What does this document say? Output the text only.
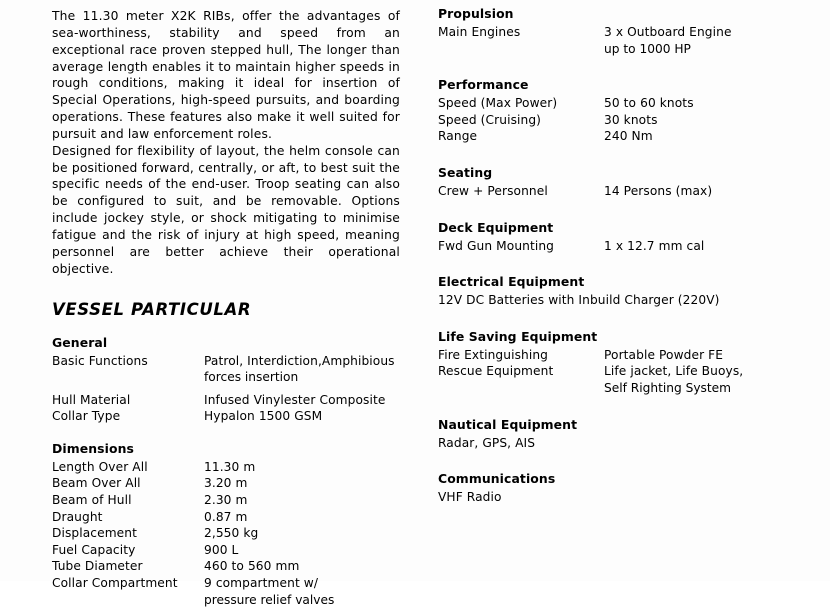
The 11.30 meter X2K RIBs, offer the advantages of sea-worthiness, stability and speed from an exceptional race proven stepped hull, The longer than average length enables it to maintain higher speeds in rough conditions, making it ideal for insertion of Special Operations, high-speed pursuits, and boarding operations. These features also make it well suited for pursuit and law enforcement roles.

Designed for flexibility of layout, the helm console can be positioned forward, centrally, or aft, to best suit the specific needs of the end-user. Troop seating can also be configured to suit, and be removable. Options include jockey style, or shock mitigating to minimise fatigue and the risk of injury at high speed, meaning personnel are better achieve their operational objective.

VESSEL PARTICULAR
General
Basic Functions	Patrol, Interdiction,Amphibious
forces insertion
Hull Material	Infused Vinylester Composite
Collar Type	Hypalon 1500 GSM
Dimensions
Length Over All	11.30 m
Beam Over All	3.20 m
Beam of Hull	2.30 m
Draught	0.87 m
Displacement	2,550 kg
Fuel Capacity	900 L
Tube Diameter	460 to 560 mm
Collar Compartment	9 compartment w/
pressure relief valves
Propulsion
Main Engines	3 x Outboard Engine
up to 1000 HP
Performance
Speed (Max Power)	50 to 60 knots
Speed (Cruising)	30 knots
Range	240 Nm
Seating
Crew + Personnel	14 Persons (max)
Deck Equipment
Fwd Gun Mounting	1 x 12.7 mm cal
Electrical Equipment
12V DC Batteries with Inbuild Charger (220V)
Life Saving Equipment
Fire Extinguishing	Portable Powder FE
Rescue Equipment	Life jacket, Life Buoys,
Self Righting System
Nautical Equipment
Radar, GPS, AIS
Communications
VHF Radio
